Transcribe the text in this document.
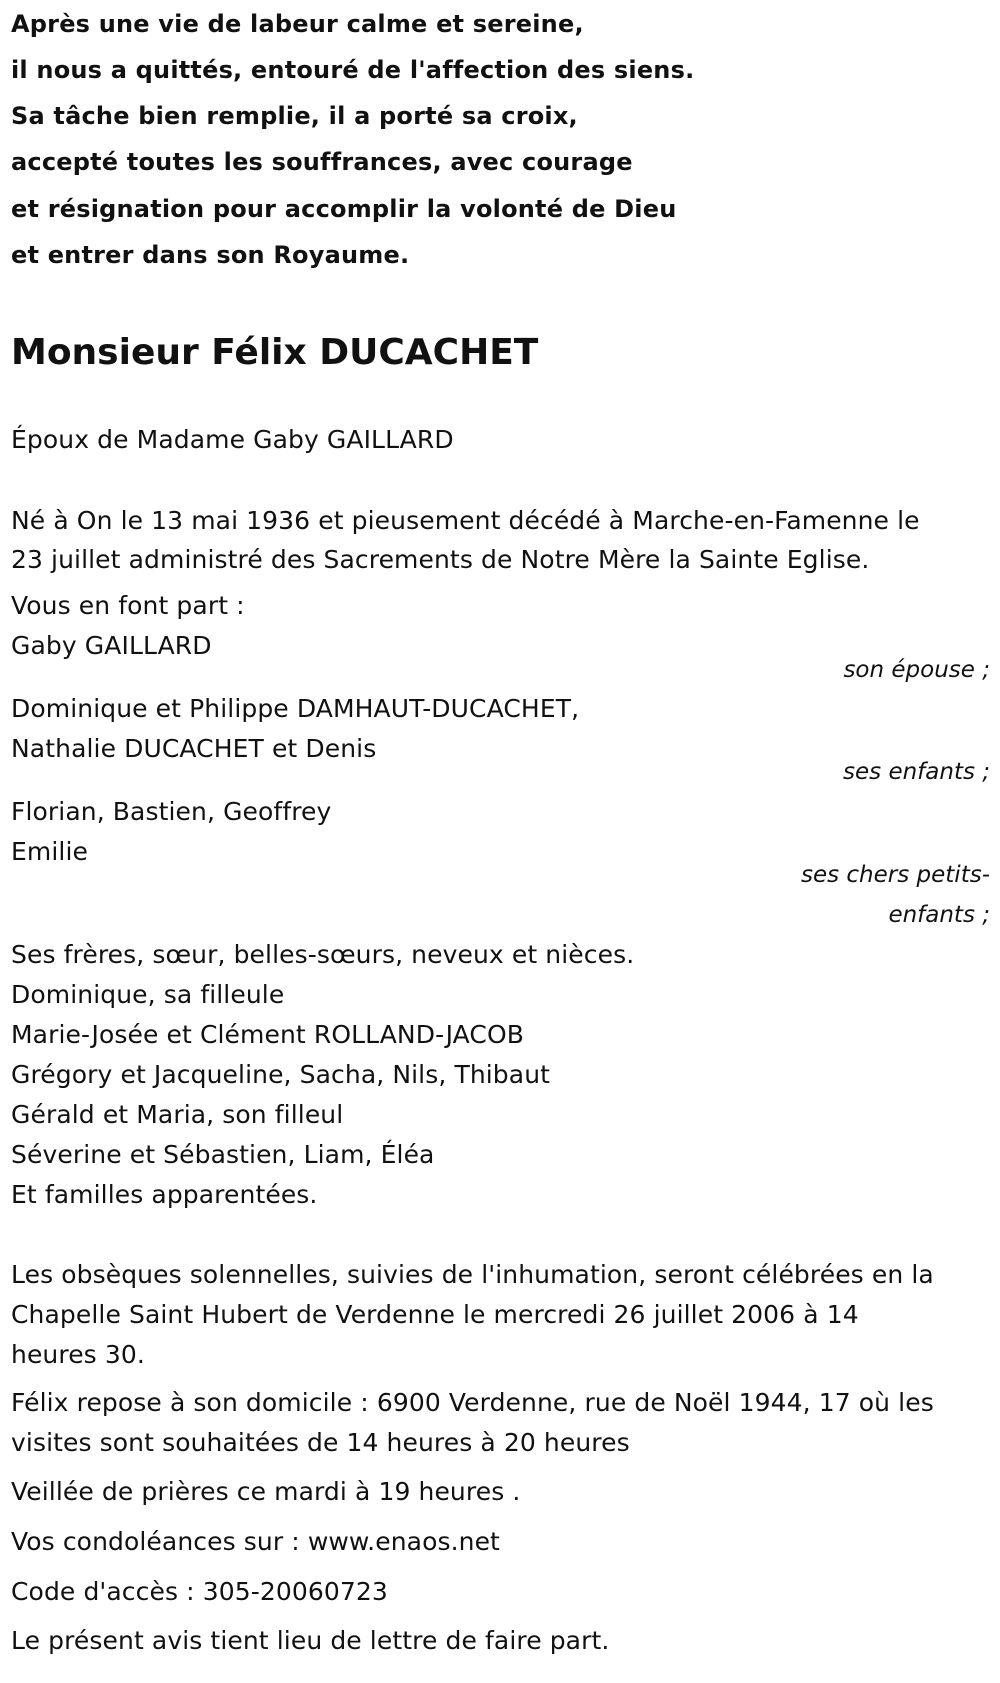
Après une vie de labeur calme et sereine,
il nous a quittés, entouré de l'affection des siens.
Sa tâche bien remplie, il a porté sa croix,
accepté toutes les souffrances, avec courage
et résignation pour accomplir la volonté de Dieu
et entrer dans son Royaume.
Monsieur Félix DUCACHET
Époux de Madame Gaby GAILLARD
Né à On le 13 mai 1936 et pieusement décédé à Marche-en-Famenne le
23 juillet administré des Sacrements de Notre Mère la Sainte Eglise.
Vous en font part :
Gaby GAILLARD
son épouse ;
Dominique et Philippe DAMHAUT-DUCACHET,
Nathalie DUCACHET et Denis
ses enfants ;
Florian, Bastien, Geoffrey
Emilie
ses chers petits-
enfants ;
Ses frères, sœur, belles-sœurs, neveux et nièces.
Dominique, sa filleule
Marie-Josée et Clément ROLLAND-JACOB
Grégory et Jacqueline, Sacha, Nils, Thibaut
Gérald et Maria, son filleul
Séverine et Sébastien, Liam, Éléa
Et familles apparentées.
Les obsèques solennelles, suivies de l'inhumation, seront célébrées en la
Chapelle Saint Hubert de Verdenne le mercredi 26 juillet 2006 à 14
heures 30.
Félix repose à son domicile : 6900 Verdenne, rue de Noël 1944, 17 où les
visites sont souhaitées de 14 heures à 20 heures
Veillée de prières ce mardi à 19 heures .
Vos condoléances sur : www.enaos.net
Code d'accès : 305-20060723
Le présent avis tient lieu de lettre de faire part.
